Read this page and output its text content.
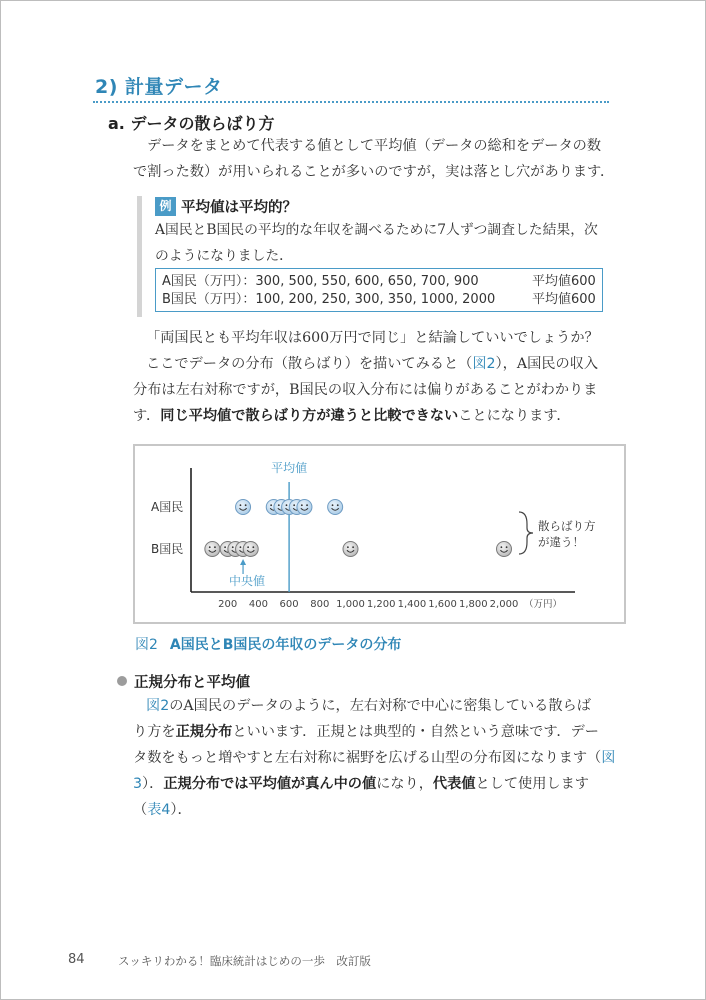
2) 計量データ
a. データの散らばり方
データをまとめて代表する値として平均値（データの総和をデータの数
で割った数）が用いられることが多いのですが，実は落とし穴があります．
例 平均値は平均的？
A国民とB国民の平均的な年収を調べるために7人ずつ調査した結果，次
のようになりました．
A国民（万円）：300, 500, 550, 600, 650, 700, 900	平均値600
B国民（万円）：100, 200, 250, 300, 350, 1000, 2000	平均値600
「両国民とも平均年収は600万円で同じ」と結論していいでしょうか？
ここでデータの分布（散らばり）を描いてみると（図2），A国民の収入
分布は左右対称ですが，B国民の収入分布には偏りがあることがわかりま
す．同じ平均値で散らばり方が違うと比較できないことになります．
平均値
A国民
B国民
中央値
散らばり方
が違う！
200 400 600 800 1,000 1,200 1,400 1,600 1,800 2,000 （万円）
図2 A国民とB国民の年収のデータの分布
正規分布と平均値
図2のA国民のデータのように，左右対称で中心に密集している散らば
り方を正規分布といいます．正規とは典型的・自然という意味です．デー
タ数をもっと増やすと左右対称に裾野を広げる山型の分布図になります（図
3）．正規分布では平均値が真ん中の値になり，代表値として使用します
（表4）．
84	スッキリわかる！臨床統計はじめの一歩　改訂版
